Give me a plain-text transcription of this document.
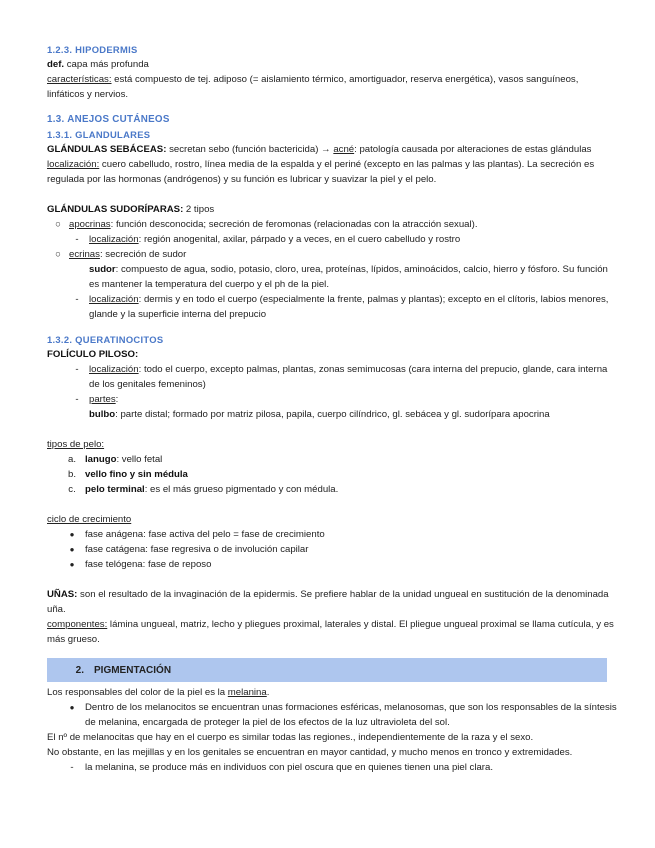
1.2.3. HIPODERMIS
def. capa más profunda
características: está compuesto de tej. adiposo (= aislamiento térmico, amortiguador, reserva energética), vasos sanguíneos, linfáticos y nervios.
1.3. ANEJOS CUTÁNEOS
1.3.1. GLANDULARES
GLÁNDULAS SEBÁCEAS: secretan sebo (función bactericida) → acné: patología causada por alteraciones de estas glándulas
localización: cuero cabelludo, rostro, línea media de la espalda y el periné (excepto en las palmas y las plantas). La secreción es regulada por las hormonas (andrógenos) y su función es lubricar y suavizar la piel y el pelo.
GLÁNDULAS SUDORÍPARAS: 2 tipos
○ apocrinas: función desconocida; secreción de feromonas (relacionadas con la atracción sexual).
-	localización: región anogenital, axilar, párpado y a veces, en el cuero cabelludo y rostro
○ ecrinas: secreción de sudor
sudor: compuesto de agua, sodio, potasio, cloro, urea, proteínas, lípidos, aminoácidos, calcio, hierro y fósforo. Su función es mantener la temperatura del cuerpo y el ph de la piel.
-	localización: dermis y en todo el cuerpo (especialmente la frente, palmas y plantas); excepto en el clítoris, labios menores, glande y la superficie interna del prepucio
1.3.2. QUERATINOCITOS
FOLÍCULO PILOSO:
-	localización: todo el cuerpo, excepto palmas, plantas, zonas semimucosas (cara interna del prepucio, glande, cara interna de los genitales femeninos)
-	partes:
bulbo: parte distal; formado por matriz pilosa, papila, cuerpo cilíndrico, gl. sebácea y gl. sudorípara apocrina
tipos de pelo:
a. lanugo: vello fetal
b. vello fino y sin médula
c. pelo terminal: es el más grueso pigmentado y con médula.
ciclo de crecimiento
●	fase anágena: fase activa del pelo = fase de crecimiento
●	fase catágena: fase regresiva o de involución capilar
●	fase telógena: fase de reposo
UÑAS: son el resultado de la invaginación de la epidermis. Se prefiere hablar de la unidad ungueal en sustitución de la denominada uña.
componentes: lámina ungueal, matriz, lecho y pliegues proximal, laterales y distal. El pliegue ungueal proximal se llama cutícula, y es más grueso.
2.	PIGMENTACIÓN
Los responsables del color de la piel es la melanina.
●	Dentro de los melanocitos se encuentran unas formaciones esféricas, melanosomas, que son los responsables de la síntesis de melanina, encargada de proteger la piel de los efectos de la luz ultravioleta del sol.
El nº de melanocitas que hay en el cuerpo es similar todas las regiones., independientemente de la raza y el sexo.
No obstante, en las mejillas y en los genitales se encuentran en mayor cantidad, y mucho menos en tronco y extremidades.
-	la melanina, se produce más en individuos con piel oscura que en quienes tienen una piel clara.
